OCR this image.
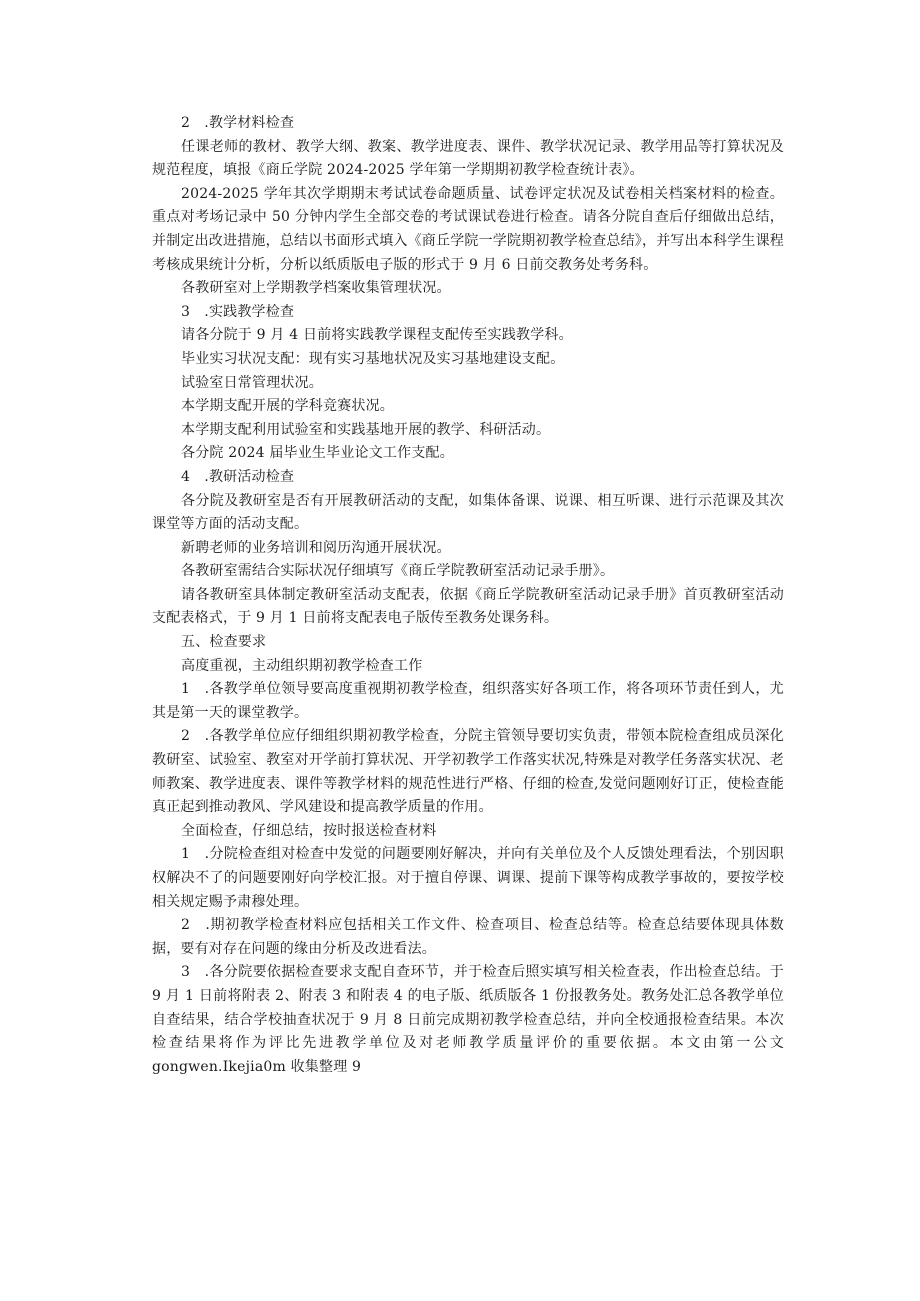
2　.教学材料检查

任课老师的教材、教学大纲、教案、教学进度表、课件、教学状况记录、教学用品等打算状况及规范程度，填报《商丘学院 2024-2025 学年第一学期期初教学检查统计表》。

2024-2025 学年其次学期期末考试试卷命题质量、试卷评定状况及试卷相关档案材料的检查。重点对考场记录中 50 分钟内学生全部交卷的考试课试卷进行检查。请各分院自查后仔细做出总结，并制定出改进措施，总结以书面形式填入《商丘学院一学院期初教学检查总结》，并写出本科学生课程考核成果统计分析，分析以纸质版电子版的形式于 9 月 6 日前交教务处考务科。

各教研室对上学期教学档案收集管理状况。

3　.实践教学检查

请各分院于 9 月 4 日前将实践教学课程支配传至实践教学科。

毕业实习状况支配：现有实习基地状况及实习基地建设支配。

试验室日常管理状况。

本学期支配开展的学科竞赛状况。

本学期支配利用试验室和实践基地开展的教学、科研活动。

各分院 2024 届毕业生毕业论文工作支配。

4　.教研活动检查

各分院及教研室是否有开展教研活动的支配，如集体备课、说课、相互听课、进行示范课及其次课堂等方面的活动支配。

新聘老师的业务培训和阅历沟通开展状况。

各教研室需结合实际状况仔细填写《商丘学院教研室活动记录手册》。

请各教研室具体制定教研室活动支配表，依据《商丘学院教研室活动记录手册》首页教研室活动支配表格式，于 9 月 1 日前将支配表电子版传至教务处课务科。

五、检查要求

高度重视，主动组织期初教学检查工作

1　.各教学单位领导要高度重视期初教学检查，组织落实好各项工作，将各项环节责任到人，尤其是第一天的课堂教学。

2　.各教学单位应仔细组织期初教学检查，分院主管领导要切实负责，带领本院检查组成员深化教研室、试验室、教室对开学前打算状况、开学初教学工作落实状况,特殊是对教学任务落实状况、老师教案、教学进度表、课件等教学材料的规范性进行严格、仔细的检查,发觉问题刚好订正，使检查能真正起到推动教风、学风建设和提高教学质量的作用。

全面检查，仔细总结，按时报送检查材料

1　.分院检查组对检查中发觉的问题要刚好解决，并向有关单位及个人反馈处理看法，个别因职权解决不了的问题要刚好向学校汇报。对于擅自停课、调课、提前下课等构成教学事故的，要按学校相关规定赐予肃穆处理。

2　.期初教学检查材料应包括相关工作文件、检查项目、检查总结等。检查总结要体现具体数据，要有对存在问题的缘由分析及改进看法。

3　.各分院要依据检查要求支配自查环节，并于检查后照实填写相关检查表，作出检查总结。于 9 月 1 日前将附表 2、附表 3 和附表 4 的电子版、纸质版各 1 份报教务处。教务处汇总各教学单位自查结果，结合学校抽查状况于 9 月 8 日前完成期初教学检查总结，并向全校通报检查结果。本次检查结果将作为评比先进教学单位及对老师教学质量评价的重要依据。本文由第一公文 gongwen.Ikejia0m 收集整理 9
